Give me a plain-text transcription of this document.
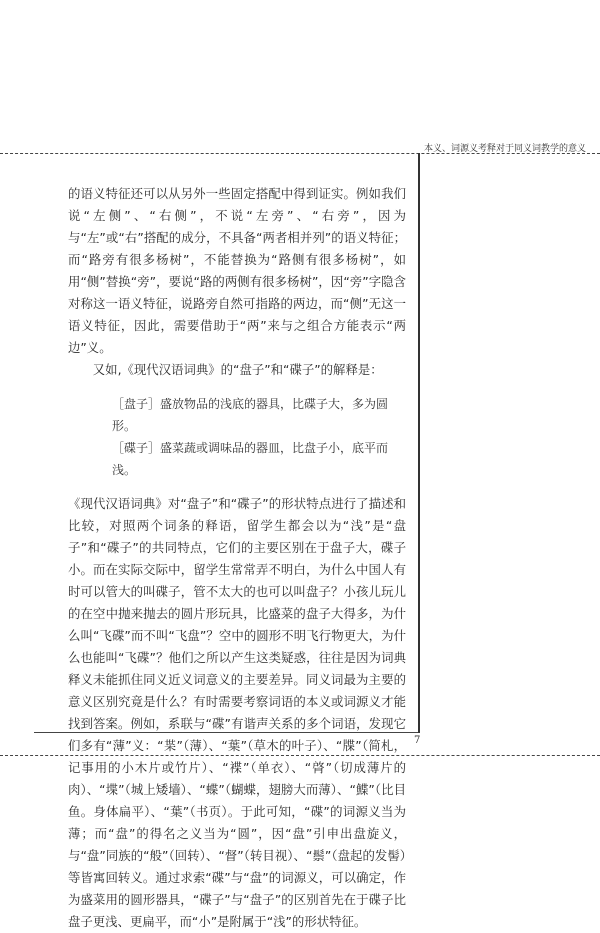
本义、词源义考释对于同义词教学的意义

的语义特征还可以从另外一些固定搭配中得到证实。例如我们说“左侧”、“右侧”，不说“左旁”、“右旁”，因为与“左”或“右”搭配的成分，不具备“两者相并列”的语义特征；而“路旁有很多杨树”，不能替换为“路侧有很多杨树”，如用“侧”替换“旁”，要说“路的两侧有很多杨树”，因“旁”字隐含对称这一语义特征，说路旁自然可指路的两边，而“侧”无这一语义特征，因此，需要借助于“两”来与之组合方能表示“两边”义。

又如,《现代汉语词典》的“盘子”和“碟子”的解释是：

［盘子］盛放物品的浅底的器具，比碟子大，多为圆形。
［碟子］盛菜蔬或调味品的器皿，比盘子小，底平而浅。

《现代汉语词典》对“盘子”和“碟子”的形状特点进行了描述和比较，对照两个词条的释语，留学生都会以为“浅”是“盘子”和“碟子”的共同特点，它们的主要区别在于盘子大，碟子小。而在实际交际中，留学生常常弄不明白，为什么中国人有时可以管大的叫碟子，管不太大的也可以叫盘子？小孩儿玩儿的在空中抛来抛去的圆片形玩具，比盛菜的盘子大得多，为什么叫“飞碟”而不叫“飞盘”？空中的圆形不明飞行物更大，为什么也能叫“飞碟”？他们之所以产生这类疑惑，往往是因为词典释义未能抓住同义近义词意义的主要差异。同义词最为主要的意义区别究竟是什么？有时需要考察词语的本义或词源义才能找到答案。例如，系联与“碟”有谐声关系的多个词语，发现它们多有“薄”义：“枼”（薄）、“葉”（草木的叶子）、“牒”（简札，记事用的小木片或竹片）、“褋”（单衣）、“䏿”（切成薄片的肉）、“堞”（城上矮墙）、“蝶”（蝴蝶，翅膀大而薄）、“鰈”（比目鱼。身体扁平）、“葉”（书页）。于此可知，“碟”的词源义当为薄；而“盘”的得名之义当为“圆”，因“盘”引申出盘旋义，与“盘”同族的“般”（回转）、“督”（转目视）、“鬃”（盘起的发髻）等皆寓回转义。通过求索“碟”与“盘”的词源义，可以确定，作为盛菜用的圆形器具，“碟子”与“盘子”的区别首先在于碟子比盘子更浅、更扁平，而“小”是附属于“浅”的形状特征。

7
